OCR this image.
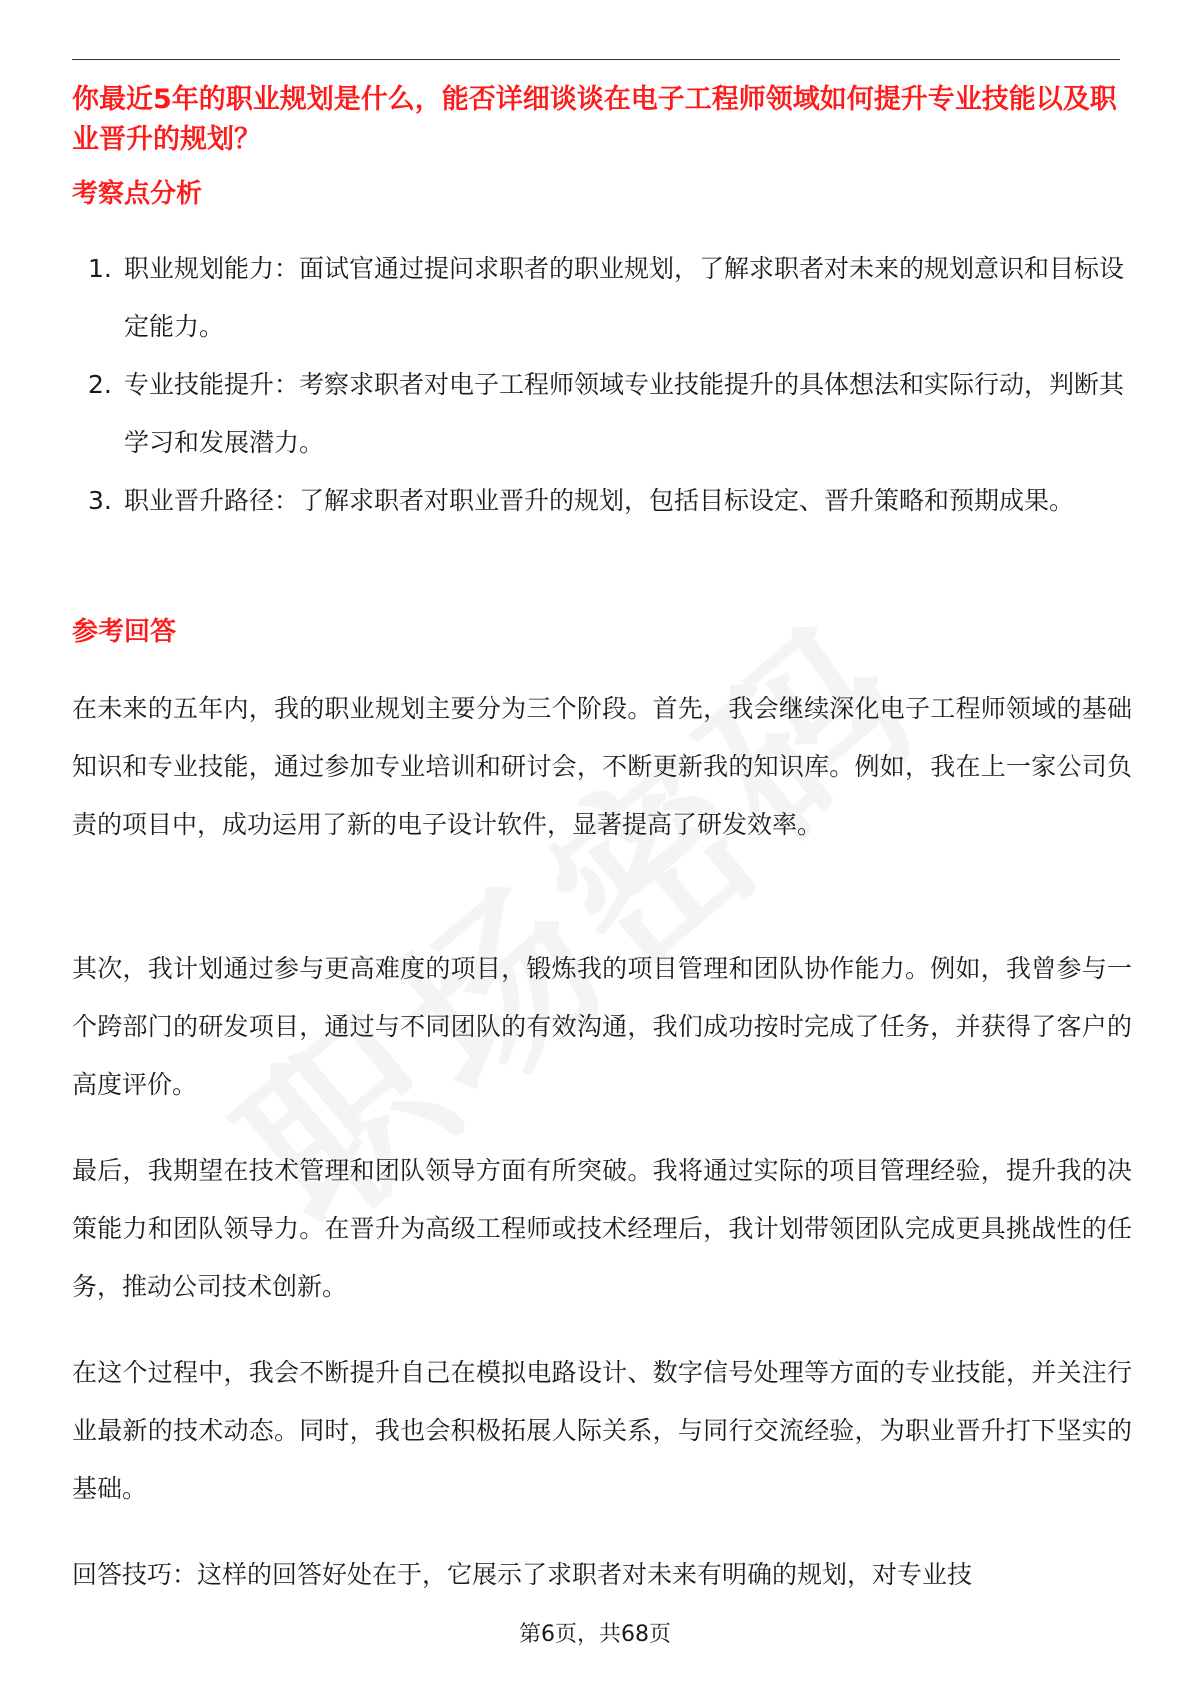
你最近5年的职业规划是什么，能否详细谈谈在电子工程师领域如何提升专业技能以及职业晋升的规划？
考察点分析
1. 职业规划能力：面试官通过提问求职者的职业规划，了解求职者对未来的规划意识和目标设定能力。
2. 专业技能提升：考察求职者对电子工程师领域专业技能提升的具体想法和实际行动，判断其学习和发展潜力。
3. 职业晋升路径：了解求职者对职业晋升的规划，包括目标设定、晋升策略和预期成果。
参考回答

在未来的五年内，我的职业规划主要分为三个阶段。首先，我会继续深化电子工程师领域的基础知识和专业技能，通过参加专业培训和研讨会，不断更新我的知识库。例如，我在上一家公司负责的项目中，成功运用了新的电子设计软件，显著提高了研发效率。

其次，我计划通过参与更高难度的项目，锻炼我的项目管理和团队协作能力。例如，我曾参与一个跨部门的研发项目，通过与不同团队的有效沟通，我们成功按时完成了任务，并获得了客户的高度评价。

最后，我期望在技术管理和团队领导方面有所突破。我将通过实际的项目管理经验，提升我的决策能力和团队领导力。在晋升为高级工程师或技术经理后，我计划带领团队完成更具挑战性的任务，推动公司技术创新。

在这个过程中，我会不断提升自己在模拟电路设计、数字信号处理等方面的专业技能，并关注行业最新的技术动态。同时，我也会积极拓展人际关系，与同行交流经验，为职业晋升打下坚实的基础。

回答技巧：这样的回答好处在于，它展示了求职者对未来有明确的规划，对专业技

第6页，共68页
